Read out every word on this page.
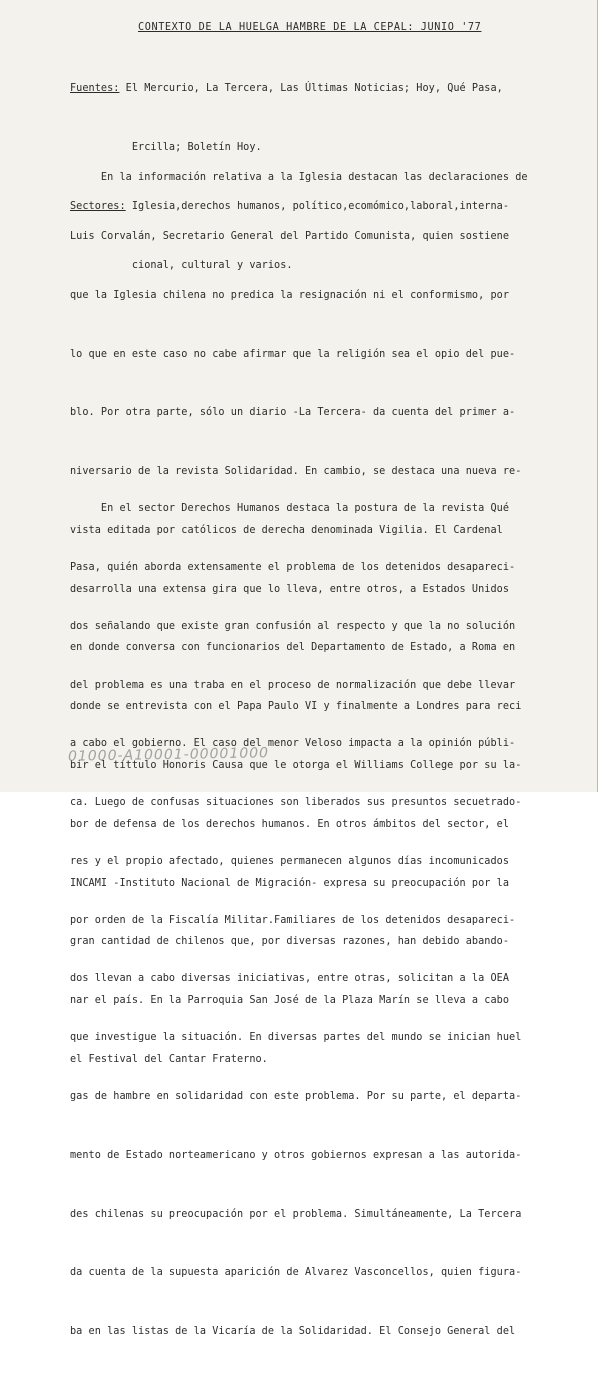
CONTEXTO DE LA HUELGA HAMBRE DE LA CEPAL: JUNIO '77

Fuentes: El Mercurio, La Tercera, Las Últimas Noticias; Hoy, Qué Pasa,

Ercilla; Boletín Hoy.

Sectores: Iglesia,derechos humanos, político,ecomómico,laboral,interna-

cional, cultural y varios.

En la información relativa a la Iglesia destacan las declaraciones de

Luis Corvalán, Secretario General del Partido Comunista, quien sostiene

que la Iglesia chilena no predica la resignación ni el conformismo, por

lo que en este caso no cabe afirmar que la religión sea el opio del pue-

blo. Por otra parte, sólo un diario -La Tercera- da cuenta del primer a-

niversario de la revista Solidaridad. En cambio, se destaca una nueva re-

vista editada por católicos de derecha denominada Vigilia. El Cardenal

desarrolla una extensa gira que lo lleva, entre otros, a Estados Unidos

en donde conversa con funcionarios del Departamento de Estado, a Roma en

donde se entrevista con el Papa Paulo VI y finalmente a Londres para reci

bir el títtulo Honoris Causa que le otorga el Williams College por su la-

bor de defensa de los derechos humanos. En otros ámbitos del sector, el

INCAMI -Instituto Nacional de Migración- expresa su preocupación por la

gran cantidad de chilenos que, por diversas razones, han debido abando-

nar el país. En la Parroquia San José de la Plaza Marín se lleva a cabo

el Festival del Cantar Fraterno.

En el sector Derechos Humanos destaca la postura de la revista Qué

Pasa, quién aborda extensamente el problema de los detenidos desapareci-

dos señalando que existe gran confusión al respecto y que la no solución

del problema es una traba en el proceso de normalización que debe llevar

a cabo el gobierno. El caso del menor Veloso impacta a la opinión públi-

ca. Luego de confusas situaciones son liberados sus presuntos secuetrado-

res y el propio afectado, quienes permanecen algunos días incomunicados

por orden de la Fiscalía Militar.Familiares de los detenidos desapareci-

dos llevan a cabo diversas iniciativas, entre otras, solicitan a la OEA

que investigue la situación. En diversas partes del mundo se inician huel

gas de hambre en solidaridad con este problema. Por su parte, el departa-

mento de Estado norteamericano y otros gobiernos expresan a las autorida-

des chilenas su preocupación por el problema. Simultáneamente, La Tercera

da cuenta de la supuesta aparición de Alvarez Vasconcellos, quien figura-

ba en las listas de la Vicaría de la Solidaridad. El Consejo General del

01000-A10001-00001000
